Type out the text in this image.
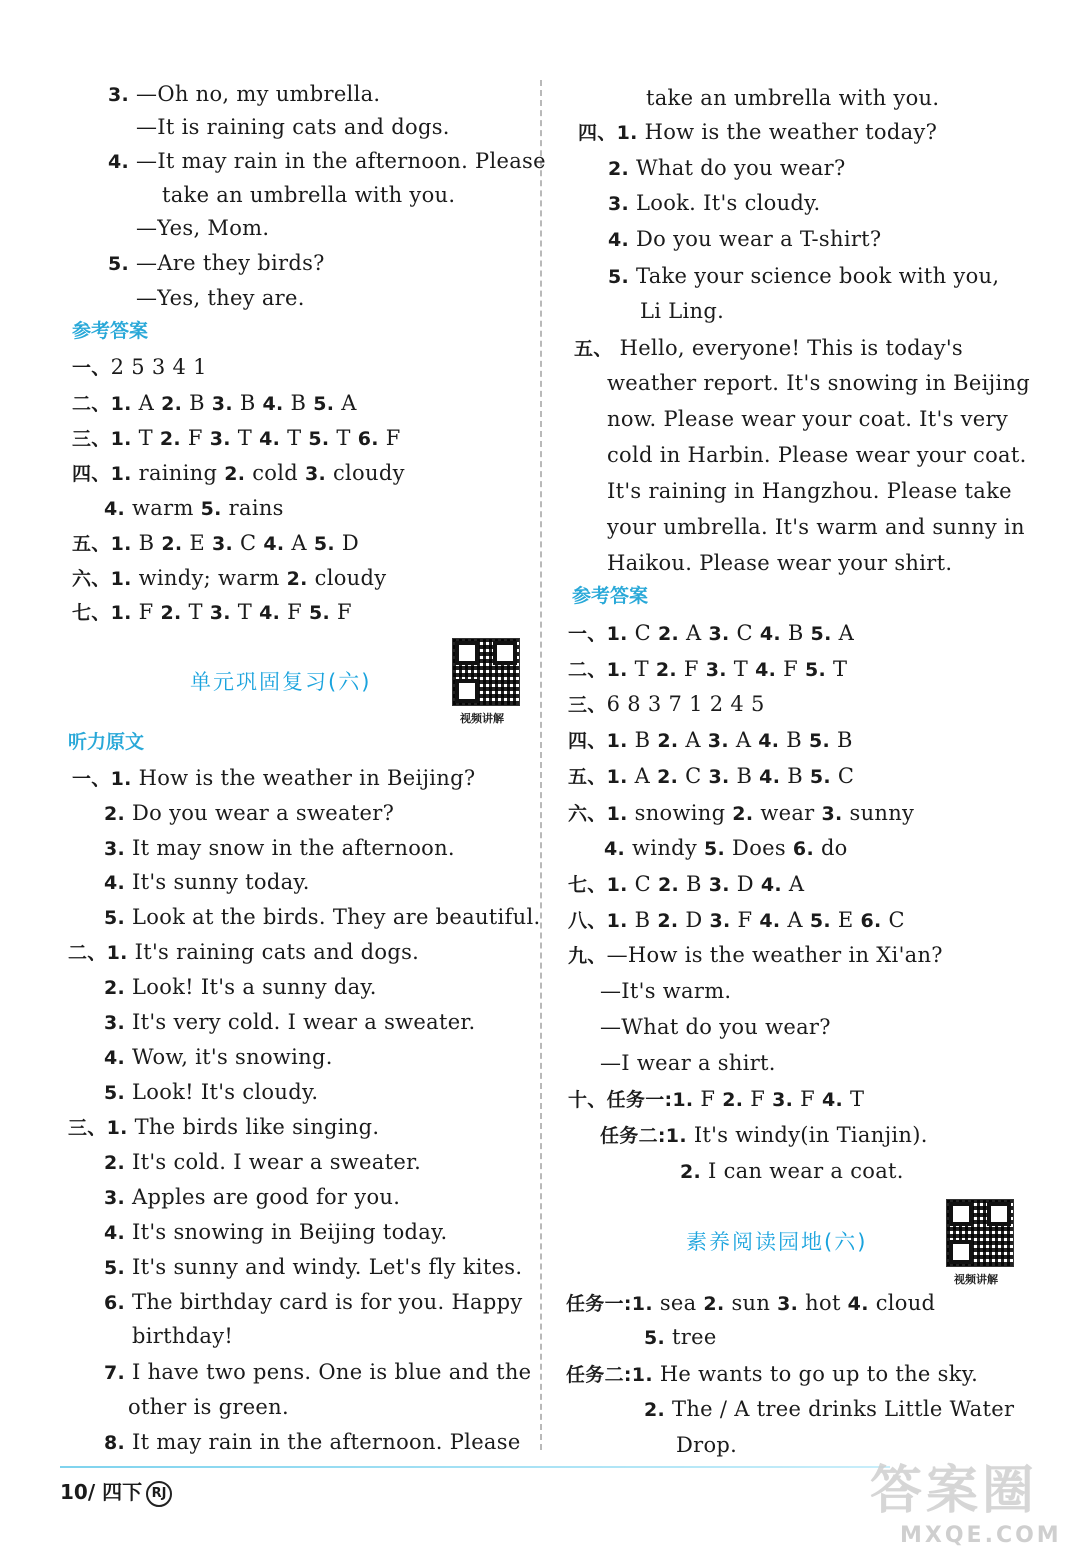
3. —Oh no, my umbrella.
—It is raining cats and dogs.
4. —It may rain in the afternoon. Please
take an umbrella with you.
—Yes, Mom.
5. —Are they birds?
—Yes, they are.
参考答案
一、2 5 3 4 1
二、1. A 2. B 3. B 4. B 5. A
三、1. T 2. F 3. T 4. T 5. T 6. F
四、1. raining 2. cold 3. cloudy
4. warm 5. rains
五、1. B 2. E 3. C 4. A 5. D
六、1. windy; warm 2. cloudy
七、1. F 2. T 3. T 4. F 5. F
听力原文
一、1. How is the weather in Beijing?
2. Do you wear a sweater?
3. It may snow in the afternoon.
4. It's sunny today.
5. Look at the birds. They are beautiful.
二、1. It's raining cats and dogs.
2. Look! It's a sunny day.
3. It's very cold. I wear a sweater.
4. Wow, it's snowing.
5. Look! It's cloudy.
三、1. The birds like singing.
2. It's cold. I wear a sweater.
3. Apples are good for you.
4. It's snowing in Beijing today.
5. It's sunny and windy. Let's fly kites.
6. The birthday card is for you. Happy
birthday!
7. I have two pens. One is blue and the
other is green.
8. It may rain in the afternoon. Please
take an umbrella with you.
四、1. How is the weather today?
2. What do you wear?
3. Look. It's cloudy.
4. Do you wear a T-shirt?
5. Take your science book with you,
Li Ling.
五、 Hello, everyone! This is today's
weather report. It's snowing in Beijing
now. Please wear your coat. It's very
cold in Harbin. Please wear your coat.
It's raining in Hangzhou. Please take
your umbrella. It's warm and sunny in
Haikou. Please wear your shirt.
参考答案
一、1. C 2. A 3. C 4. B 5. A
二、1. T 2. F 3. T 4. F 5. T
三、6 8 3 7 1 2 4 5
四、1. B 2. A 3. A 4. B 5. B
五、1. A 2. C 3. B 4. B 5. C
六、1. snowing 2. wear 3. sunny
4. windy 5. Does 6. do
七、1. C 2. B 3. D 4. A
八、1. B 2. D 3. F 4. A 5. E 6. C
九、—How is the weather in Xi'an?
—It's warm.
—What do you wear?
—I wear a shirt.
十、任务一:1. F 2. F 3. F 4. T
任务二:1. It's windy(in Tianjin).
2. I can wear a coat.
任务一:1. sea 2. sun 3. hot 4. cloud
5. tree
任务二:1. He wants to go up to the sky.
2. The / A tree drinks Little Water
Drop.
单元巩固复习(六)
素养阅读园地(六)
视频讲解
视频讲解
10/ 四下 RJ	答案圈
MXQE.COM
